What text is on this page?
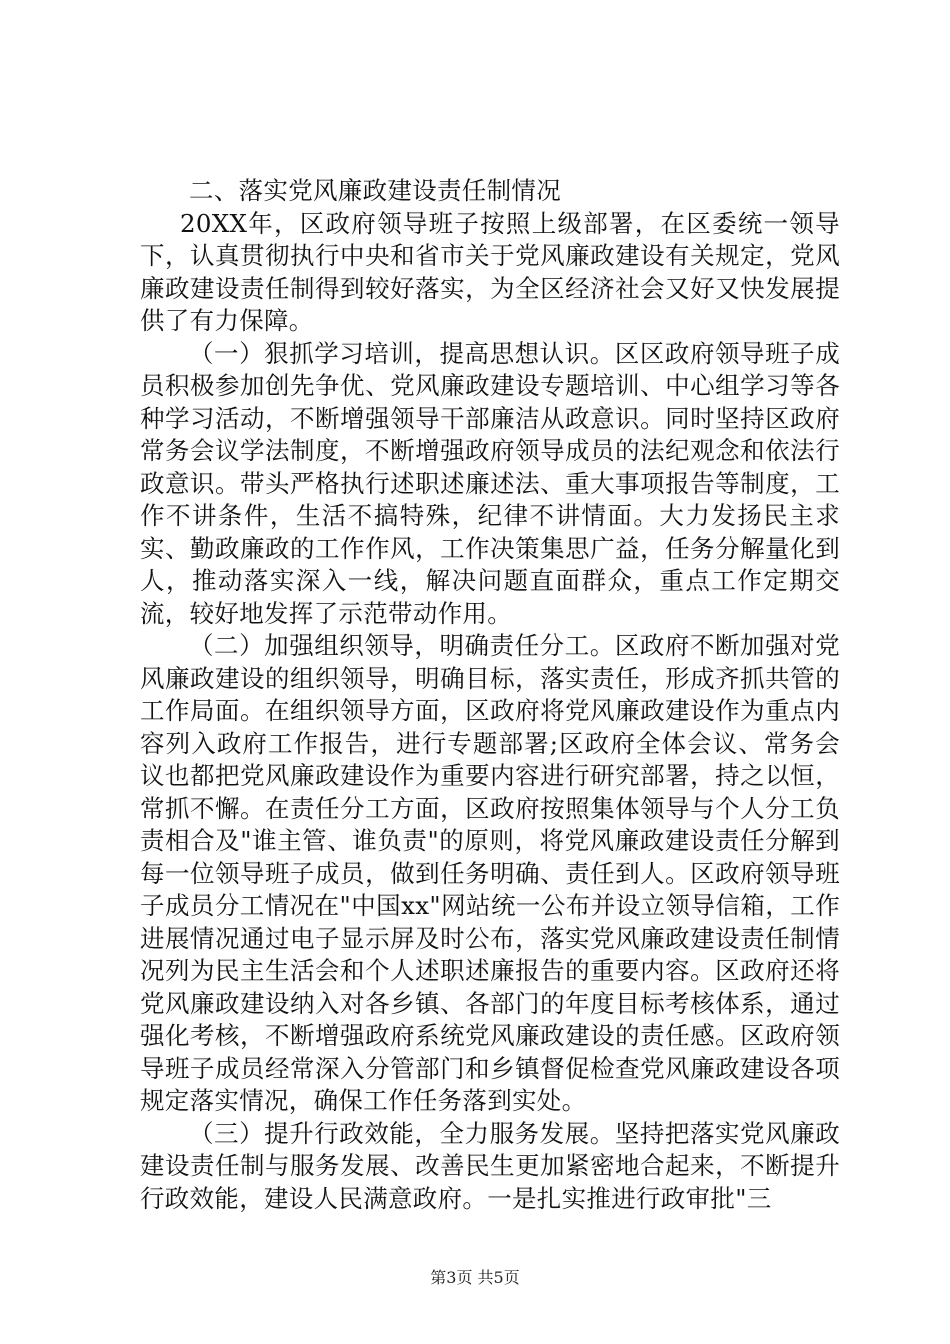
二、落实党风廉政建设责任制情况

20XX年，区政府领导班子按照上级部署，在区委统一领导下，认真贯彻执行中央和省市关于党风廉政建设有关规定，党风廉政建设责任制得到较好落实，为全区经济社会又好又快发展提供了有力保障。

（一）狠抓学习培训，提高思想认识。区区政府领导班子成员积极参加创先争优、党风廉政建设专题培训、中心组学习等各种学习活动，不断增强领导干部廉洁从政意识。同时坚持区政府常务会议学法制度，不断增强政府领导成员的法纪观念和依法行政意识。带头严格执行述职述廉述法、重大事项报告等制度，工作不讲条件，生活不搞特殊，纪律不讲情面。大力发扬民主求实、勤政廉政的工作作风，工作决策集思广益，任务分解量化到人，推动落实深入一线，解决问题直面群众，重点工作定期交流，较好地发挥了示范带动作用。

（二）加强组织领导，明确责任分工。区政府不断加强对党风廉政建设的组织领导，明确目标，落实责任，形成齐抓共管的工作局面。在组织领导方面，区政府将党风廉政建设作为重点内容列入政府工作报告，进行专题部署;区政府全体会议、常务会议也都把党风廉政建设作为重要内容进行研究部署，持之以恒，常抓不懈。在责任分工方面，区政府按照集体领导与个人分工负责相合及"谁主管、谁负责"的原则，将党风廉政建设责任分解到每一位领导班子成员，做到任务明确、责任到人。区政府领导班子成员分工情况在"中国xx"网站统一公布并设立领导信箱，工作进展情况通过电子显示屏及时公布，落实党风廉政建设责任制情况列为民主生活会和个人述职述廉报告的重要内容。区政府还将党风廉政建设纳入对各乡镇、各部门的年度目标考核体系，通过强化考核，不断增强政府系统党风廉政建设的责任感。区政府领导班子成员经常深入分管部门和乡镇督促检查党风廉政建设各项规定落实情况，确保工作任务落到实处。

（三）提升行政效能，全力服务发展。坚持把落实党风廉政建设责任制与服务发展、改善民生更加紧密地合起来，不断提升行政效能，建设人民满意政府。一是扎实推进行政审批"三

第3页 共5页
